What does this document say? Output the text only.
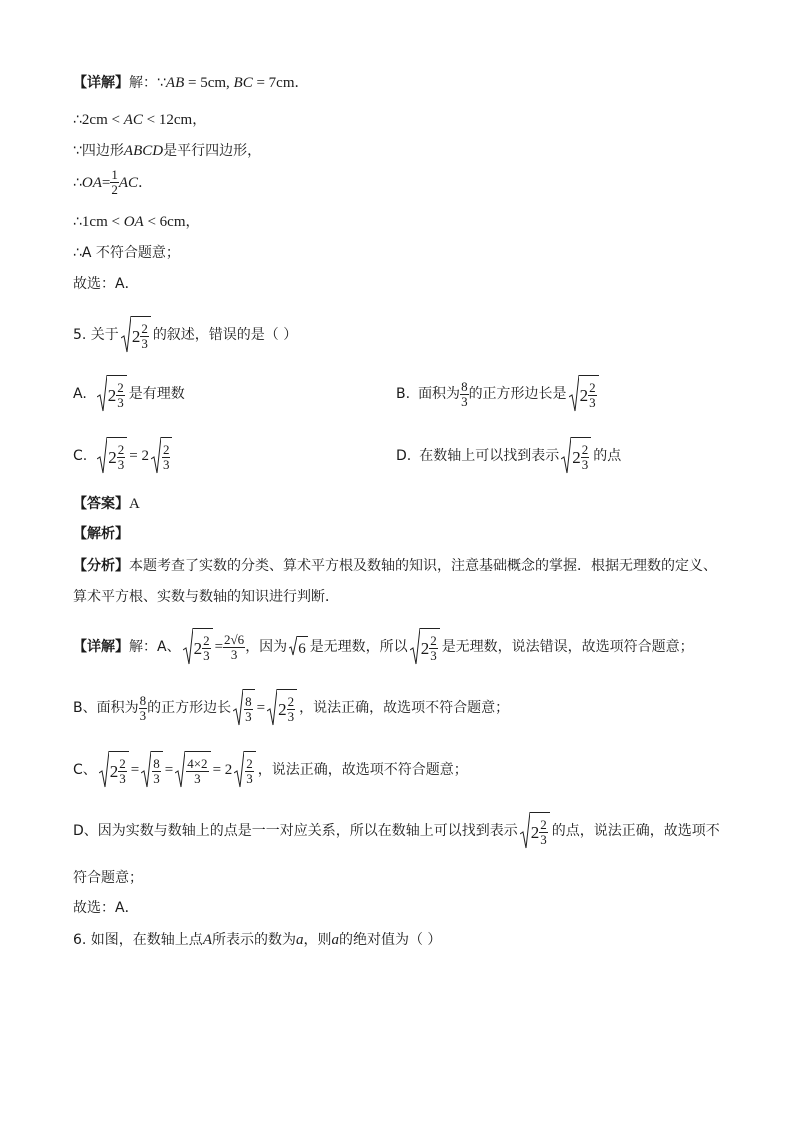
【详解】解：∵AB = 5cm, BC = 7cm．
∴2cm < AC < 12cm，
∵四边形ABCD是平行四边形，
∴ OA = $\frac{1}{2}$ AC ．
∴1cm < OA < 6cm，
∴A 不符合题意；
故选：A．
5. 关于 $2 \frac{2}{3}$ 的叙述，错误的是（ ）
A. $2 \frac{2}{3}$ 是有理数	B. 面积为 $\frac{8}{3}$ 的正方形边长是 $2 \frac{2}{3}$
C. $2 \frac{2}{3} = 2 \frac{2}{3}$	D. 在数轴上可以找到表示 $2 \frac{2}{3}$ 的点
【答案】A
【解析】
【分析】本题考查了实数的分类、算术平方根及数轴的知识，注意基础概念的掌握．根据无理数的定义、
算术平方根、实数与数轴的知识进行判断．
【详解】 解：A、 $2 \frac{2}{3} = \frac{2√6}{3}$ ，因为 6 是无理数，所以 $2 \frac{2}{3}$ 是无理数，说法错误，故选项符合题意；
B、面积为 $\frac{8}{3}$ 的正方形边长 $\frac{8}{3} = 2 \frac{2}{3}$ ，说法正确，故选项不符合题意；
C、 $2 \frac{2}{3} = \frac{8}{3} = \frac{4\times 2}{3} = 2 \frac{2}{3}$ ，说法正确，故选项不符合题意；
D、因为实数与数轴上的点是一一对应关系，所以在数轴上可以找到表示 $2 \frac{2}{3}$ 的点，说法正确，故选项不
符合题意；
故选：A．
6. 如图，在数轴上点A所表示的数为a，则a的绝对值为（ ）
